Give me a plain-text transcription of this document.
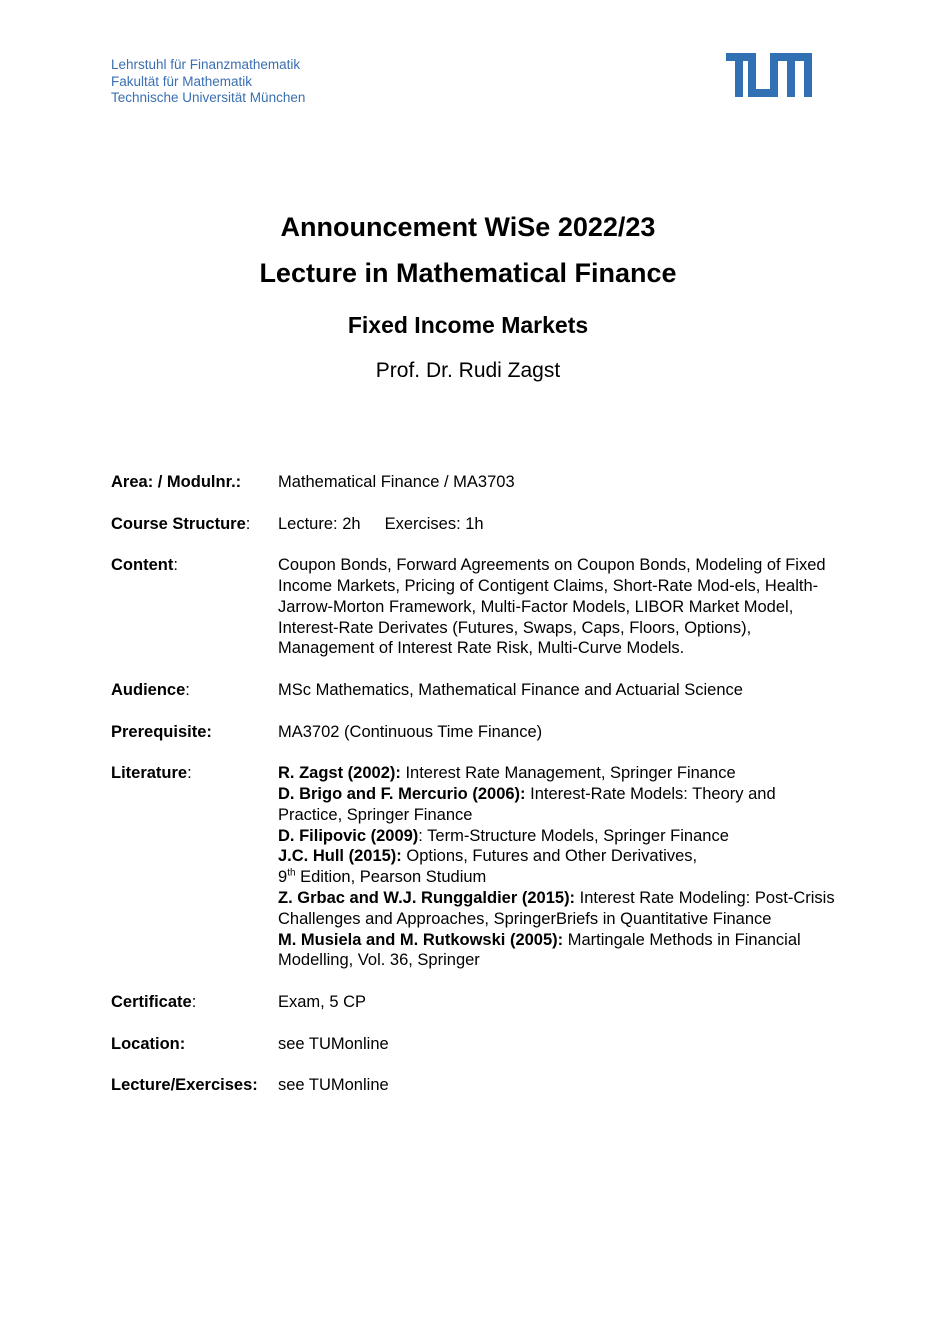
Lehrstuhl für Finanzmathematik
Fakultät für Mathematik
Technische Universität München
Announcement WiSe 2022/23
Lecture in Mathematical Finance
Fixed Income Markets
Prof. Dr. Rudi Zagst
Area: / Modulnr.:	Mathematical Finance / MA3703
Course Structure:	Lecture: 2h Exercises: 1h
Content:	Coupon Bonds, Forward Agreements on Coupon Bonds, Modeling of Fixed Income Markets, Pricing of Contigent Claims, Short-Rate Mod-els, Health-Jarrow-Morton Framework, Multi-Factor Models, LIBOR Market Model, Interest-Rate Derivates (Futures, Swaps, Caps, Floors, Options), Management of Interest Rate Risk, Multi-Curve Models.
Audience:	MSc Mathematics, Mathematical Finance and Actuarial Science
Prerequisite:	MA3702 (Continuous Time Finance)
Literature:	R. Zagst (2002): Interest Rate Management, Springer Finance
D. Brigo and F. Mercurio (2006): Interest-Rate Models: Theory and Practice, Springer Finance
D. Filipovic (2009): Term-Structure Models, Springer Finance
J.C. Hull (2015): Options, Futures and Other Derivatives,
9th Edition, Pearson Studium
Z. Grbac and W.J. Runggaldier (2015): Interest Rate Modeling: Post-Crisis Challenges and Approaches, SpringerBriefs in Quantitative Finance
M. Musiela and M. Rutkowski (2005): Martingale Methods in Financial Modelling, Vol. 36, Springer
Certificate:	Exam, 5 CP
Location:	see TUMonline
Lecture/Exercises:	see TUMonline
